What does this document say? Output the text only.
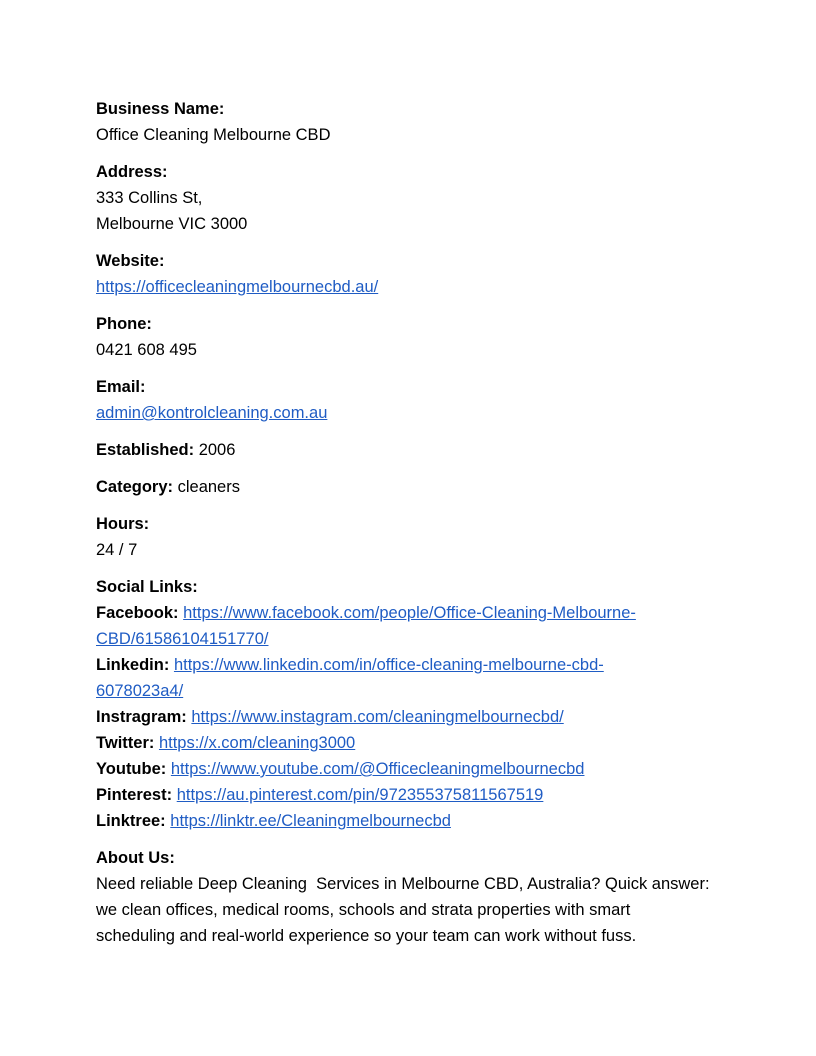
Business Name:
Office Cleaning Melbourne CBD
Address:
333 Collins St,
Melbourne VIC 3000
Website:
https://officecleaningmelbournecbd.au/
Phone:
0421 608 495
Email:
admin@kontrolcleaning.com.au
Established: 2006
Category: cleaners
Hours:
24 / 7
Social Links:
Facebook: https://www.facebook.com/people/Office-Cleaning-Melbourne-
CBD/61586104151770/
Linkedin: https://www.linkedin.com/in/office-cleaning-melbourne-cbd-
6078023a4/
Instragram: https://www.instagram.com/cleaningmelbournecbd/
Twitter: https://x.com/cleaning3000
Youtube: https://www.youtube.com/@Officecleaningmelbournecbd
Pinterest: https://au.pinterest.com/pin/972355375811567519
Linktree: https://linktr.ee/Cleaningmelbournecbd
About Us:
Need reliable Deep Cleaning  Services in Melbourne CBD, Australia? Quick answer:
we clean offices, medical rooms, schools and strata properties with smart
scheduling and real-world experience so your team can work without fuss.
